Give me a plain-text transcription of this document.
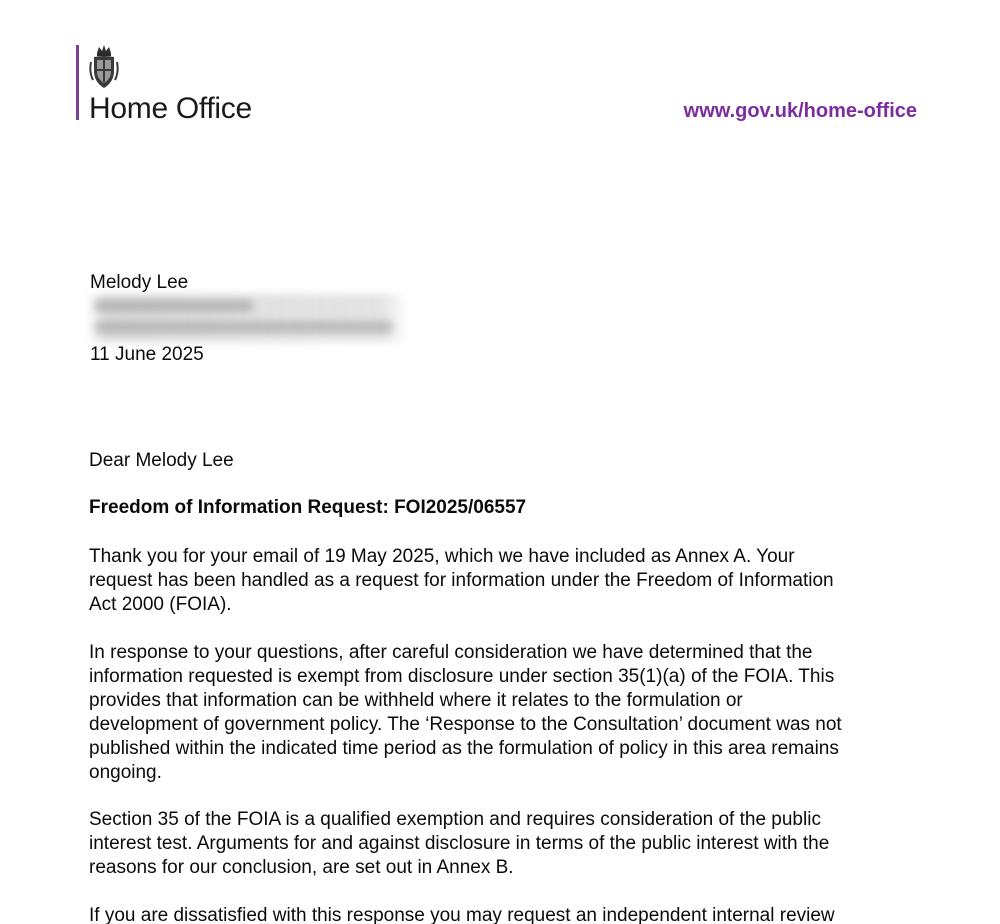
Home Office	www.gov.uk/home-office
Melody Lee
11 June 2025
Dear Melody Lee
Freedom of Information Request: FOI2025/06557

Thank you for your email of 19 May 2025, which we have included as Annex A. Your
request has been handled as a request for information under the Freedom of Information
Act 2000 (FOIA).

In response to your questions, after careful consideration we have determined that the
information requested is exempt from disclosure under section 35(1)(a) of the FOIA. This
provides that information can be withheld where it relates to the formulation or
development of government policy. The ‘Response to the Consultation’ document was not
published within the indicated time period as the formulation of policy in this area remains
ongoing.

Section 35 of the FOIA is a qualified exemption and requires consideration of the public
interest test. Arguments for and against disclosure in terms of the public interest with the
reasons for our conclusion, are set out in Annex B.

If you are dissatisfied with this response you may request an independent internal review
